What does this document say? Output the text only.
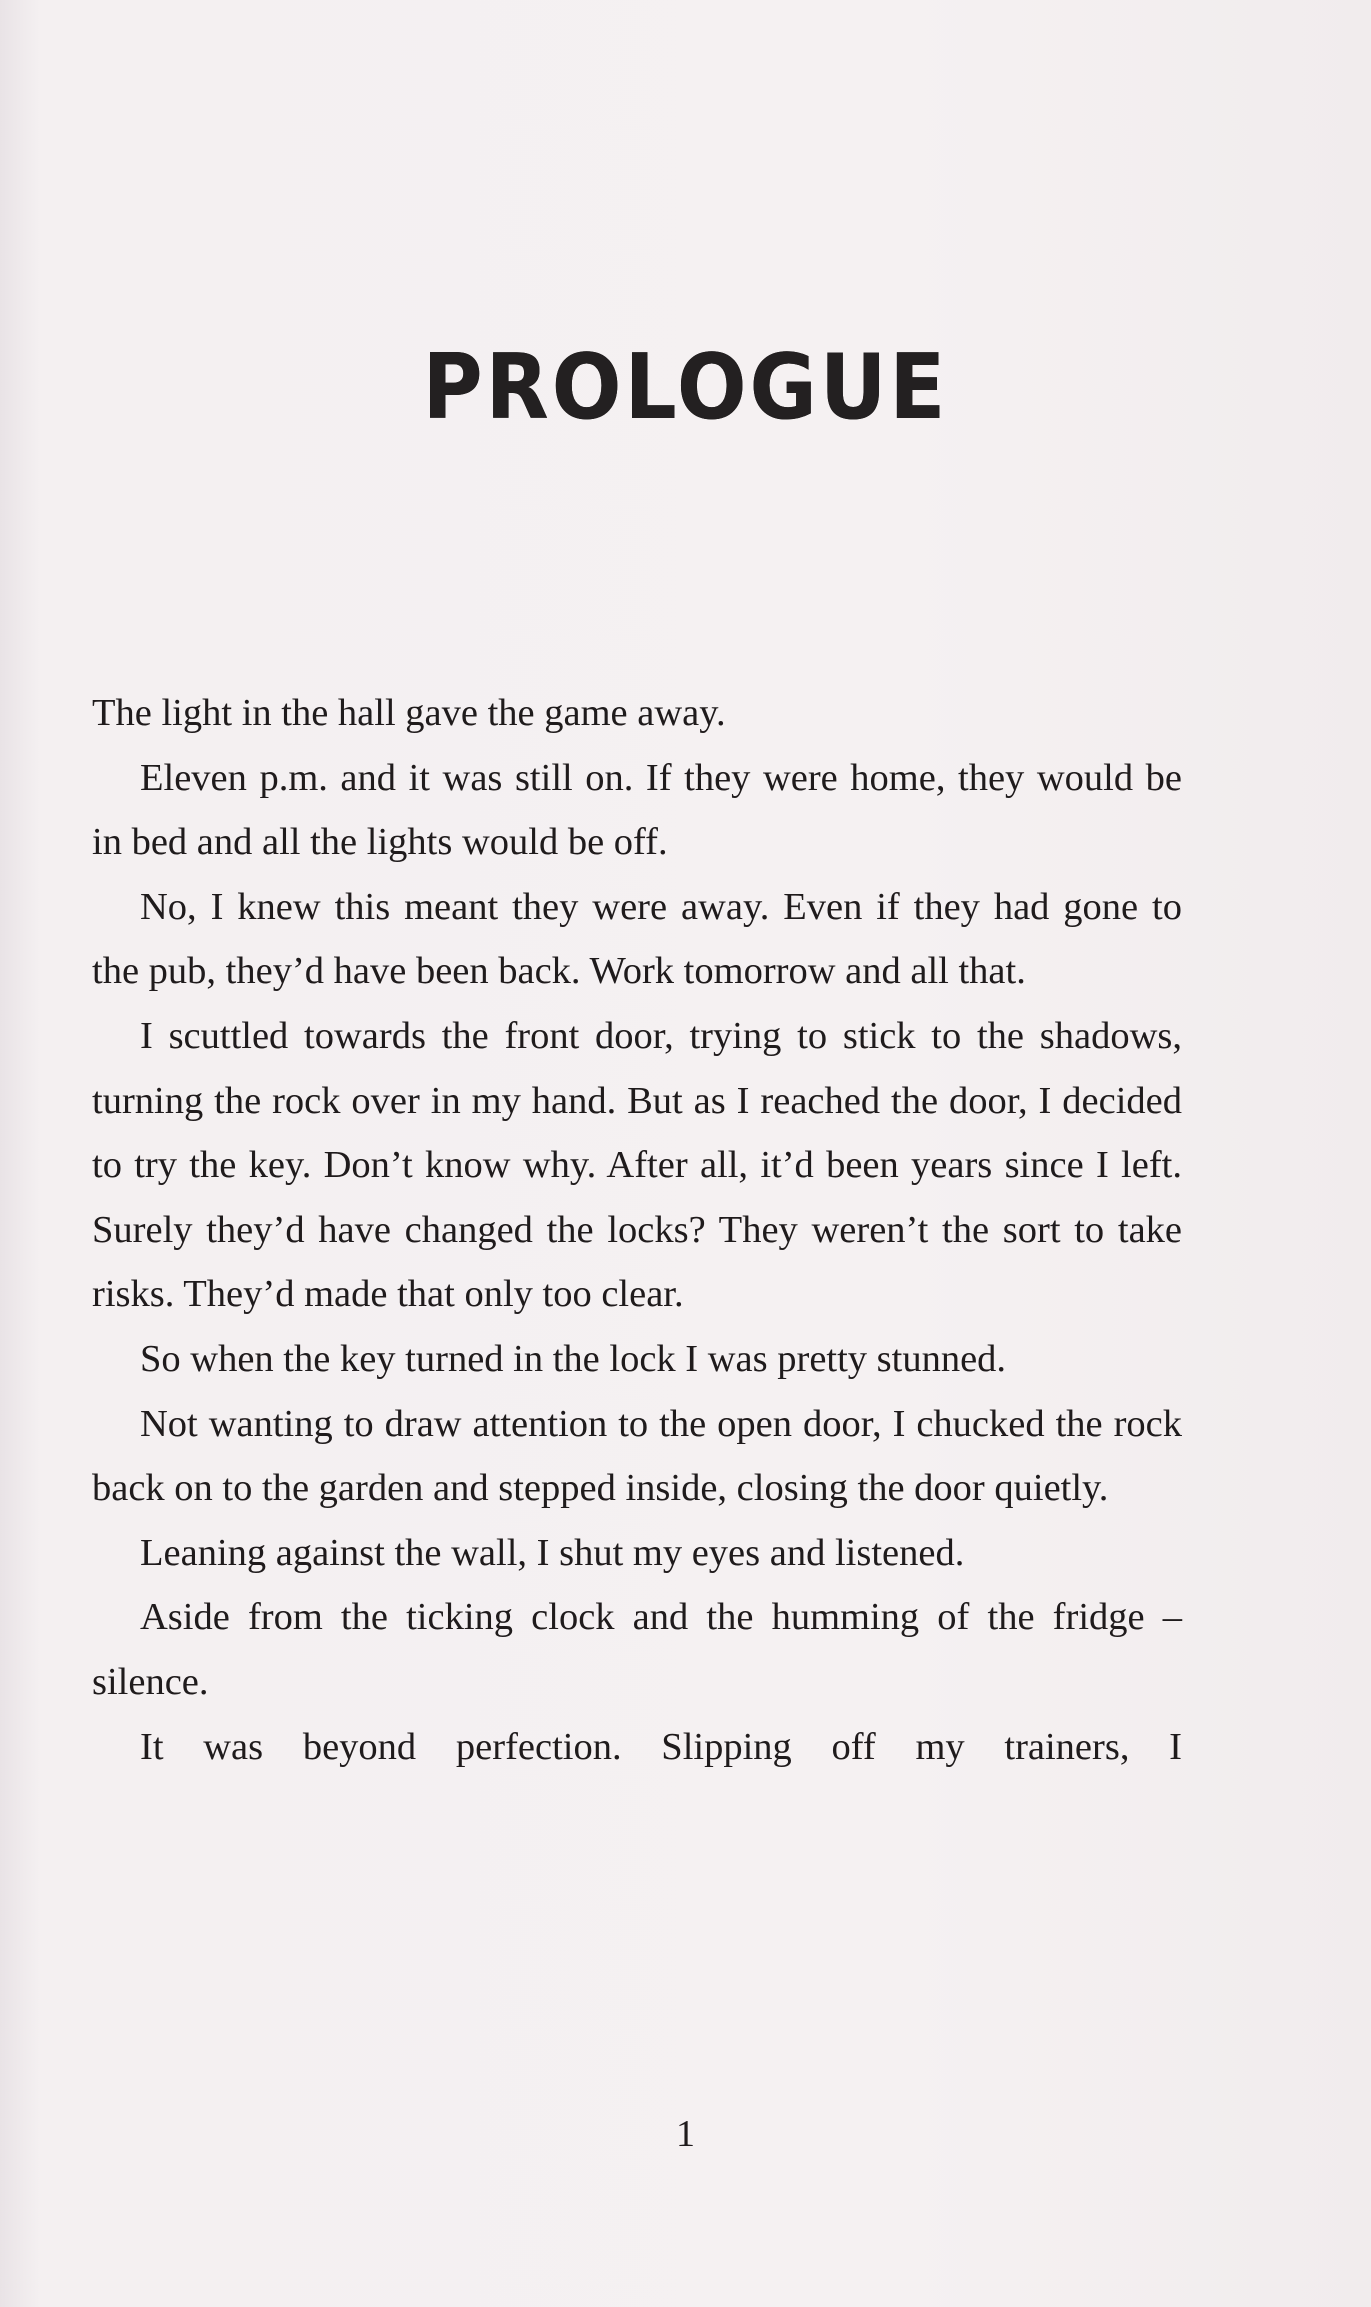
PROLOGUE

The light in the hall gave the game away.

Eleven p.m. and it was still on. If they were home, they would be in bed and all the lights would be off.

No, I knew this meant they were away. Even if they had gone to the pub, they’d have been back. Work tomorrow and all that.

I scuttled towards the front door, trying to stick to the shadows, turning the rock over in my hand. But as I reached the door, I decided to try the key. Don’t know why. After all, it’d been years since I left. Surely they’d have changed the locks? They weren’t the sort to take risks. They’d made that only too clear.

So when the key turned in the lock I was pretty stunned.

Not wanting to draw attention to the open door, I chucked the rock back on to the garden and stepped inside, closing the door quietly.

Leaning against the wall, I shut my eyes and listened.

Aside from the ticking clock and the humming of the fridge – silence.

It was beyond perfection. Slipping off my trainers, I

1
